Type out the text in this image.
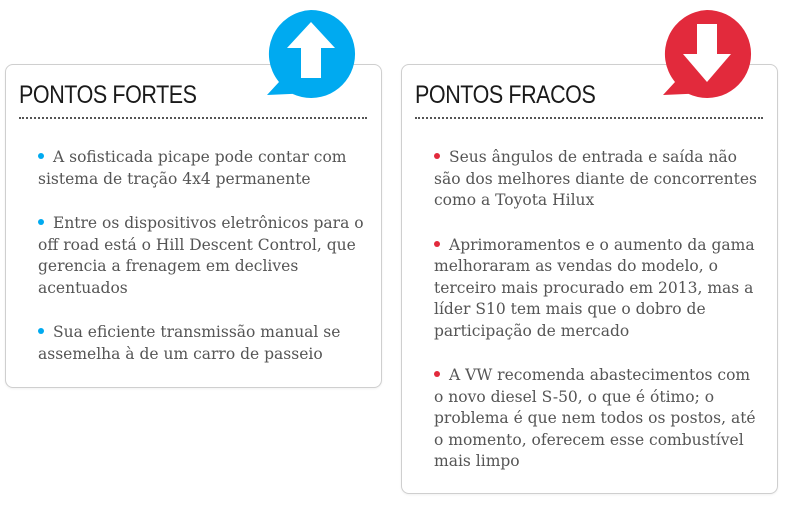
PONTOS FORTES
A sofisticada picape pode contar com sistema de tração 4x4 permanente
Entre os dispositivos eletrônicos para o off road está o Hill Descent Control, que gerencia a frenagem em declives acentuados
Sua eficiente transmissão manual se assemelha à de um carro de passeio
PONTOS FRACOS
Seus ângulos de entrada e saída não são dos melhores diante de concorrentes como a Toyota Hilux
Aprimoramentos e o aumento da gama melhoraram as vendas do modelo, o terceiro mais procurado em 2013, mas a líder S10 tem mais que o dobro de participação de mercado
A VW recomenda abastecimentos com o novo diesel S-50, o que é ótimo; o problema é que nem todos os postos, até o momento, oferecem esse combustível mais limpo
